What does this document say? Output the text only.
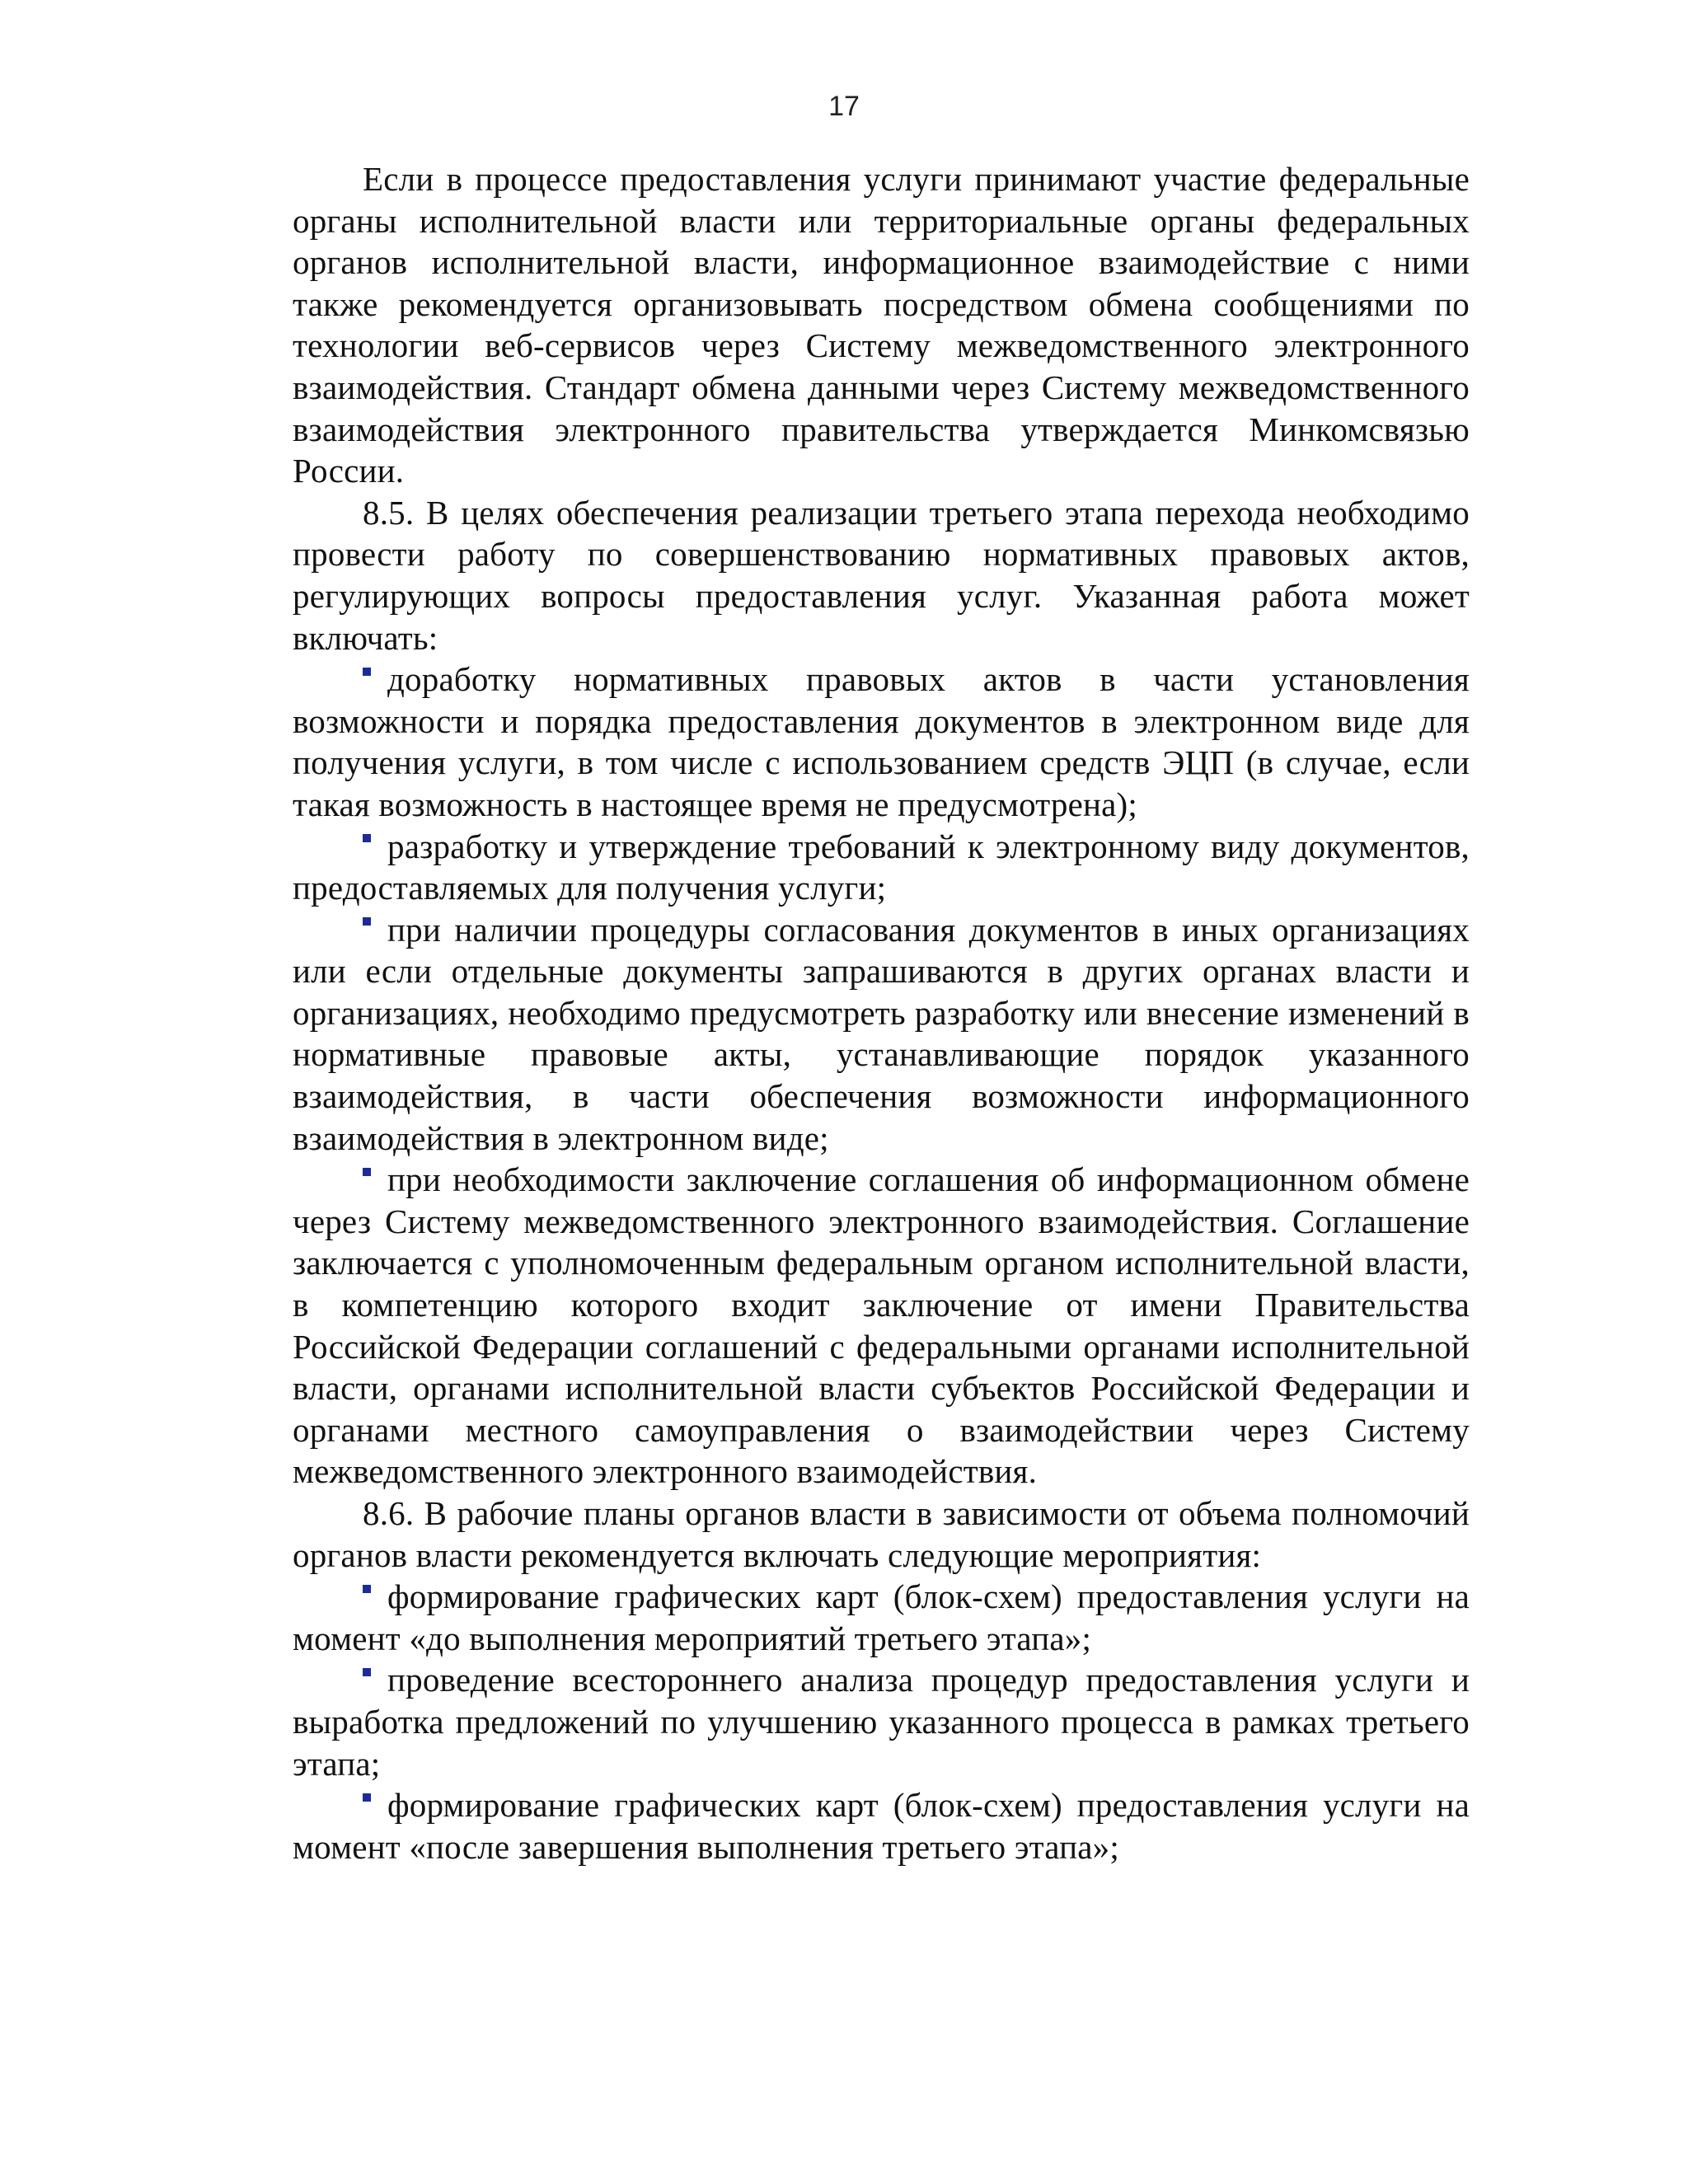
17

Если в процессе предоставления услуги принимают участие федеральные органы исполнительной власти или территориальные органы федеральных органов исполнительной власти, информационное взаимодействие с ними также рекомендуется организовывать посредством обмена сообщениями по технологии веб-сервисов через Систему межведомственного электронного взаимодействия. Стандарт обмена данными через Систему межведомственного взаимодействия электронного правительства утверждается Минкомсвязью России.

8.5. В целях обеспечения реализации третьего этапа перехода необходимо провести работу по совершенствованию нормативных правовых актов, регулирующих вопросы предоставления услуг. Указанная работа может включать:

доработку нормативных правовых актов в части установления возможности и порядка предоставления документов в электронном виде для получения услуги, в том числе с использованием средств ЭЦП (в случае, если такая возможность в настоящее время не предусмотрена);

разработку и утверждение требований к электронному виду документов, предоставляемых для получения услуги;

при наличии процедуры согласования документов в иных организациях или если отдельные документы запрашиваются в других органах власти и организациях, необходимо предусмотреть разработку или внесение изменений в нормативные правовые акты, устанавливающие порядок указанного взаимодействия, в части обеспечения возможности информационного взаимодействия в электронном виде;

при необходимости заключение соглашения об информационном обмене через Систему межведомственного электронного взаимодействия. Соглашение заключается с уполномоченным федеральным органом исполнительной власти, в компетенцию которого входит заключение от имени Правительства Российской Федерации соглашений с федеральными органами исполнительной власти, органами исполнительной власти субъектов Российской Федерации и органами местного самоуправления о взаимодействии через Систему межведомственного электронного взаимодействия.

8.6. В рабочие планы органов власти в зависимости от объема полномочий органов власти рекомендуется включать следующие мероприятия:

формирование графических карт (блок-схем) предоставления услуги на момент «до выполнения мероприятий третьего этапа»;

проведение всестороннего анализа процедур предоставления услуги и выработка предложений по улучшению указанного процесса в рамках третьего этапа;

формирование графических карт (блок-схем) предоставления услуги на момент «после завершения выполнения третьего этапа»;
